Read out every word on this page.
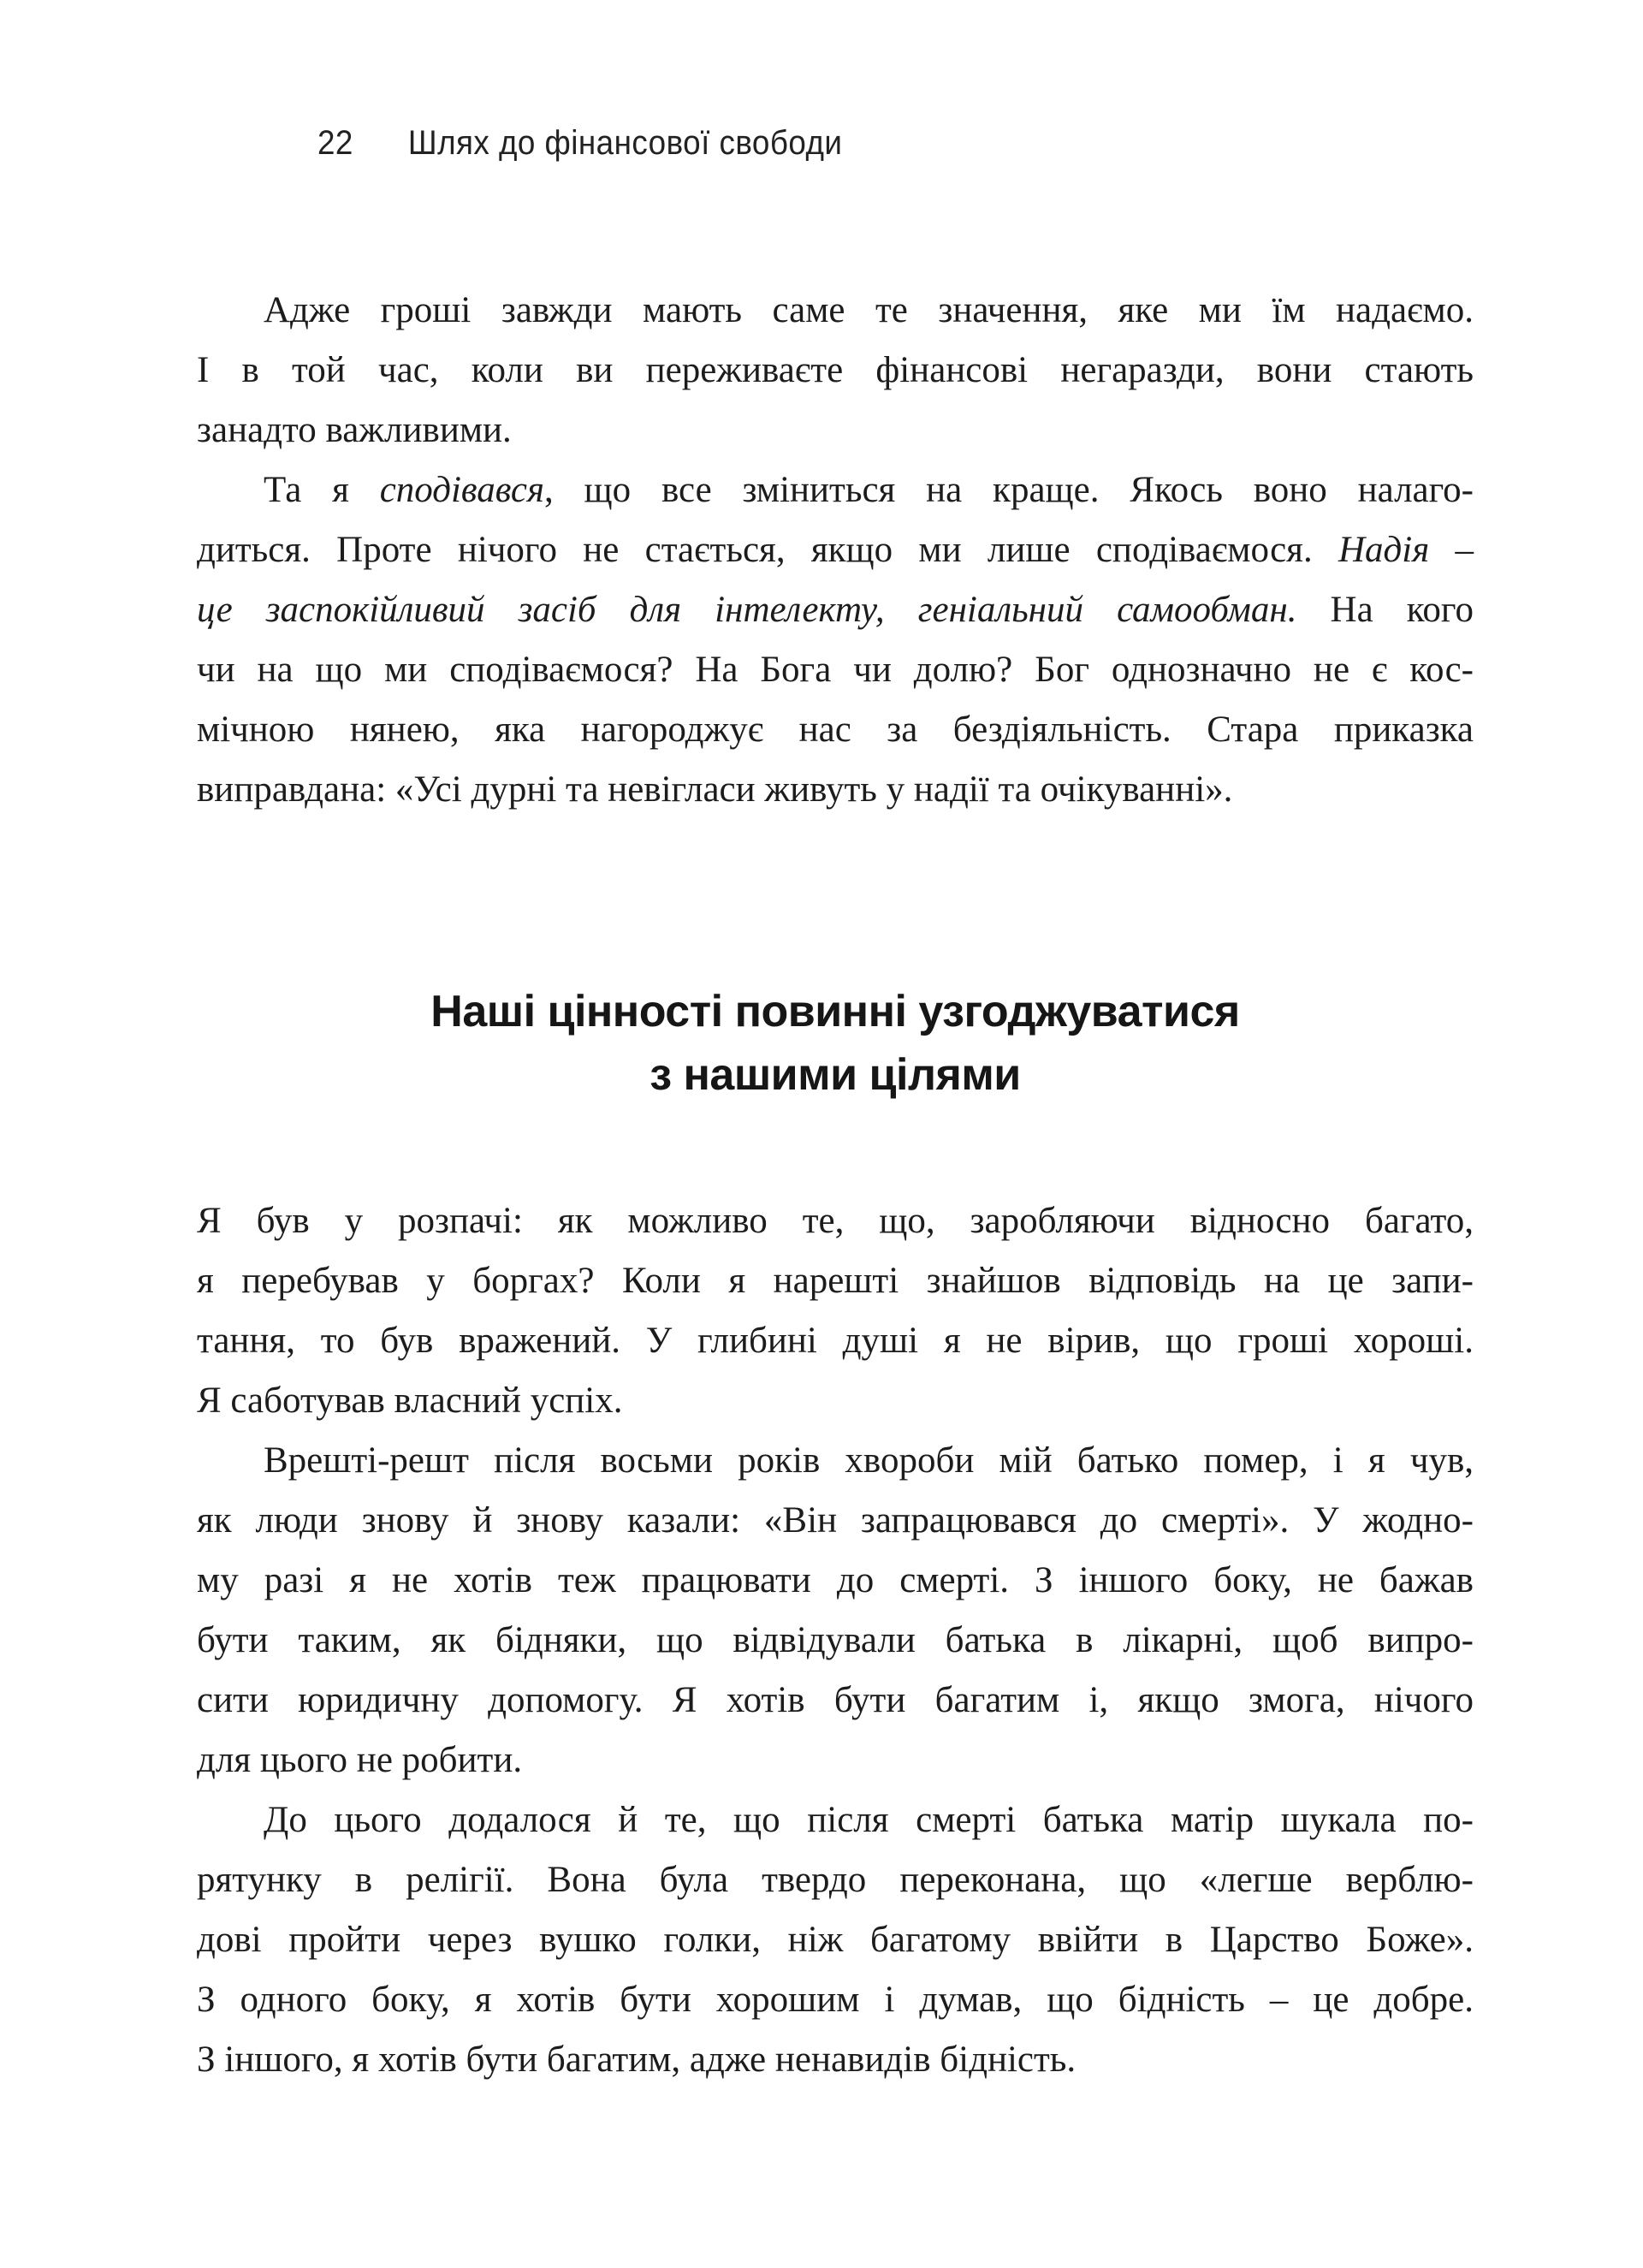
22 Шлях до фінансової свободи
Адже гроші завжди мають саме те значення, яке ми їм надаємо.
І в той час, коли ви переживаєте фінансові негаразди, вони стають
занадто важливими.
Та я сподівався, що все зміниться на краще. Якось воно налаго-
диться. Проте нічого не стається, якщо ми лише сподіваємося. Надія –
це заспокійливий засіб для інтелекту, геніальний самообман. На кого
чи на що ми сподіваємося? На Бога чи долю? Бог однозначно не є кос-
мічною нянею, яка нагороджує нас за бездіяльність. Стара приказка
виправдана: «Усі дурні та невігласи живуть у надії та очікуванні».
Наші цінності повинні узгоджуватися
з нашими цілями
Я був у розпачі: як можливо те, що, заробляючи відносно багато,
я перебував у боргах? Коли я нарешті знайшов відповідь на це запи-
тання, то був вражений. У глибині душі я не вірив, що гроші хороші.
Я саботував власний успіх.
Врешті-решт після восьми років хвороби мій батько помер, і я чув,
як люди знову й знову казали: «Він запрацювався до смерті». У жодно-
му разі я не хотів теж працювати до смерті. З іншого боку, не бажав
бути таким, як бідняки, що відвідували батька в лікарні, щоб випро-
сити юридичну допомогу. Я хотів бути багатим і, якщо змога, нічого
для цього не робити.
До цього додалося й те, що після смерті батька матір шукала по-
рятунку в релігії. Вона була твердо переконана, що «легше верблю-
дові пройти через вушко голки, ніж багатому ввійти в Царство Боже».
З одного боку, я хотів бути хорошим і думав, що бідність – це добре.
З іншого, я хотів бути багатим, адже ненавидів бідність.
